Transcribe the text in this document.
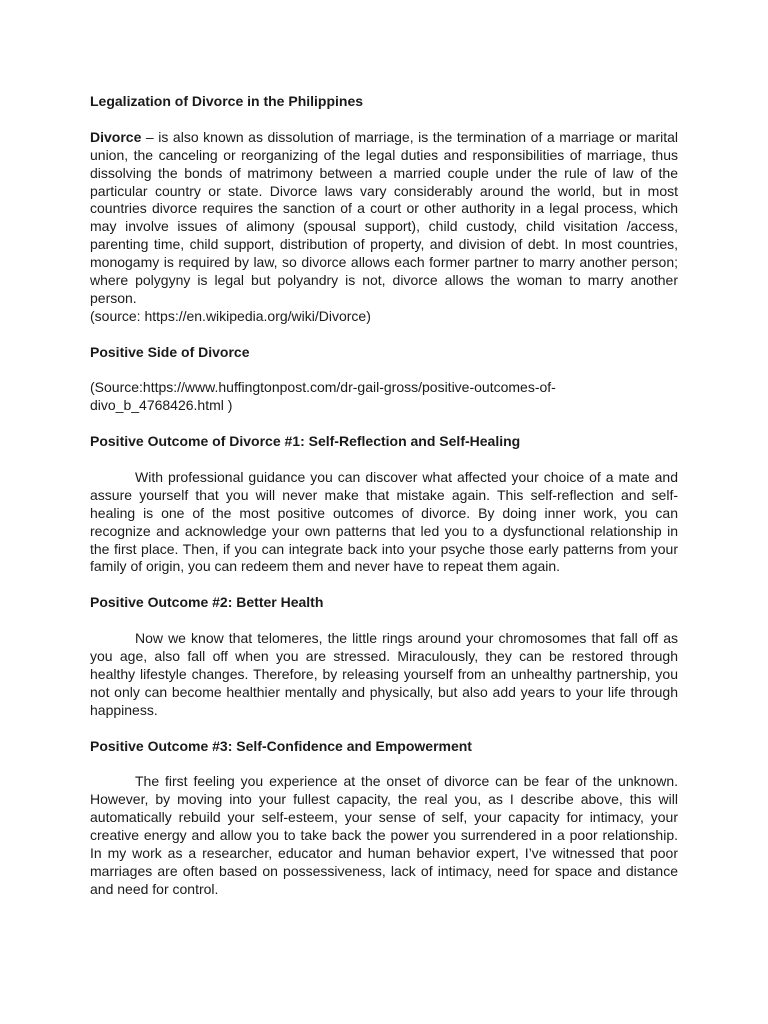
Legalization of Divorce in the Philippines

Divorce – is also known as dissolution of marriage, is the termination of a marriage or marital union, the canceling or reorganizing of the legal duties and responsibilities of marriage, thus dissolving the bonds of matrimony between a married couple under the rule of law of the particular country or state. Divorce laws vary considerably around the world, but in most countries divorce requires the sanction of a court or other authority in a legal process, which may involve issues of alimony (spousal support), child custody, child visitation /access, parenting time, child support, distribution of property, and division of debt. In most countries, monogamy is required by law, so divorce allows each former partner to marry another person; where polygyny is legal but polyandry is not, divorce allows the woman to marry another person.

(source: https://en.wikipedia.org/wiki/Divorce)

Positive Side of Divorce

(Source:https://www.huffingtonpost.com/dr-gail-gross/positive-outcomes-of-divo_b_4768426.html )

Positive Outcome of Divorce #1: Self-Reflection and Self-Healing

With professional guidance you can discover what affected your choice of a mate and assure yourself that you will never make that mistake again. This self-reflection and self-healing is one of the most positive outcomes of divorce. By doing inner work, you can recognize and acknowledge your own patterns that led you to a dysfunctional relationship in the first place. Then, if you can integrate back into your psyche those early patterns from your family of origin, you can redeem them and never have to repeat them again.

Positive Outcome #2: Better Health

Now we know that telomeres, the little rings around your chromosomes that fall off as you age, also fall off when you are stressed. Miraculously, they can be restored through healthy lifestyle changes. Therefore, by releasing yourself from an unhealthy partnership, you not only can become healthier mentally and physically, but also add years to your life through happiness.

Positive Outcome #3: Self-Confidence and Empowerment

The first feeling you experience at the onset of divorce can be fear of the unknown. However, by moving into your fullest capacity, the real you, as I describe above, this will automatically rebuild your self-esteem, your sense of self, your capacity for intimacy, your creative energy and allow you to take back the power you surrendered in a poor relationship. In my work as a researcher, educator and human behavior expert, I’ve witnessed that poor marriages are often based on possessiveness, lack of intimacy, need for space and distance and need for control.
